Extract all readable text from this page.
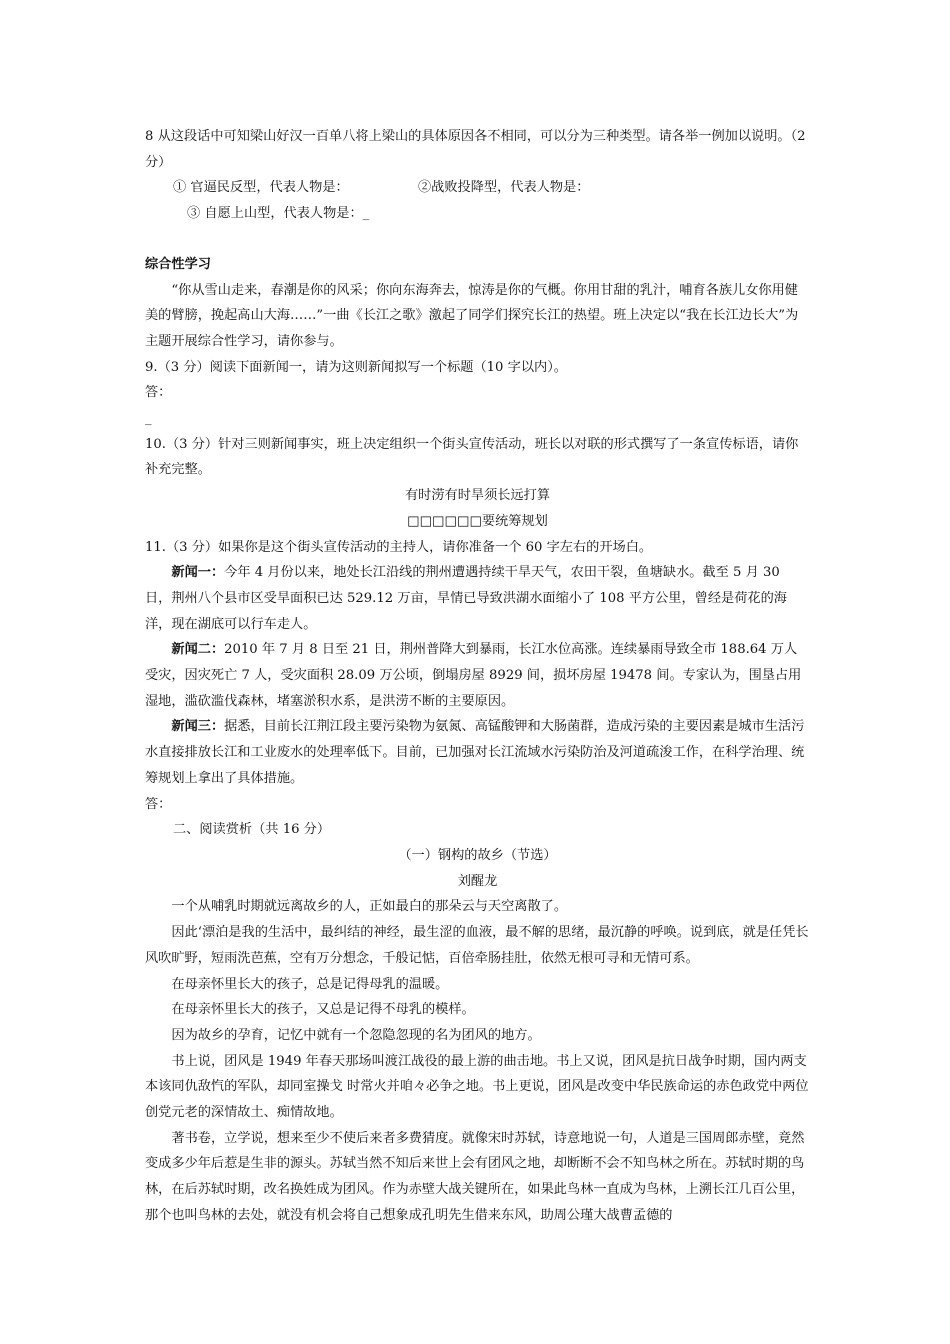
8 从这段话中可知梁山好汉一百单八将上梁山的具体原因各不相同，可以分为三种类型。请各举一例加以说明。（2 分）

① 官逼民反型，代表人物是：	②战败投降型，代表人物是：

③ 自愿上山型，代表人物是：_

综合性学习

“你从雪山走来，春潮是你的风采；你向东海奔去，惊涛是你的气概。你用甘甜的乳汁，哺育各族儿女你用健美的臂膀，挽起高山大海……”一曲《长江之歌》激起了同学们探究长江的热望。班上决定以“我在长江边长大”为主题开展综合性学习，请你参与。

9.（3 分）阅读下面新闻一，请为这则新闻拟写一个标题（10 字以内）。

答：

_

10.（3 分）针对三则新闻事实，班上决定组织一个街头宣传活动，班长以对联的形式撰写了一条宣传标语，请你补充完整。

有时涝有时旱须长远打算

□□□□□□要统筹规划

11.（3 分）如果你是这个街头宣传活动的主持人，请你准备一个 60 字左右的开场白。

新闻一：今年 4 月份以来，地处长江沿线的荆州遭遇持续干旱天气，农田干裂，鱼塘缺水。截至 5 月 30 日，荆州八个县市区受旱面积已达 529.12 万亩，旱情已导致洪湖水面缩小了 108 平方公里，曾经是荷花的海洋，现在湖底可以行车走人。

新闻二：2010 年 7 月 8 日至 21 日，荆州普降大到暴雨，长江水位高涨。连续暴雨导致全市 188.64 万人受灾，因灾死亡 7 人，受灾面积 28.09 万公顷，倒塌房屋 8929 间，损坏房屋 19478 间。专家认为，围垦占用湿地，滥砍滥伐森林，堵塞淤积水系，是洪涝不断的主要原因。

新闻三：据悉，目前长江荆江段主要污染物为氨氮、高锰酸钾和大肠菌群，造成污染的主要因素是城市生活污水直接排放长江和工业废水的处理率低下。目前，已加强对长江流域水污染防治及河道疏浚工作，在科学治理、统筹规划上拿出了具体措施。

答：

二、阅读赏析（共 16 分）

（一）钢构的故乡（节选）

刘醒龙

一个从哺乳时期就远离故乡的人，正如最白的那朵云与天空离散了。

因此‘漂泊是我的生活中，最纠结的神经，最生涩的血液，最不解的思绪，最沉静的呼唤。说到底，就是任凭长风吹旷野，短雨洗芭蕉，空有万分想念，千般记惦，百倍牵肠挂肚，依然无根可寻和无情可系。

在母亲怀里长大的孩子，总是记得母乳的温暖。

在母亲怀里长大的孩子，又总是记得不母乳的模样。

因为故乡的孕育，记忆中就有一个忽隐忽现的名为团风的地方。

书上说，团风是 1949 年春天那场叫渡江战役的最上游的曲击地。书上又说，团风是抗日战争时期，国内两支本该同仇敌忾的军队，却同室操戈 时常火并咱々必争之地。书上更说，团风是改变中华民族命运的赤色政党中两位创党元老的深情故土、痴情故地。

著书卷，立学说，想来至少不使后来者多费猜度。就像宋时苏轼，诗意地说一句，人道是三国周郎赤壁，竟然变成多少年后惹是生非的源头。苏轼当然不知后来世上会有团风之地，却断断不会不知鸟林之所在。苏轼时期的鸟林，在后苏轼时期，改名换姓成为团风。作为赤壁大战关键所在，如果此鸟林一直成为鸟林，上溯长江几百公里，那个也叫鸟林的去处，就没有机会将自己想象成孔明先生借来东风，助周公瑾大战曹孟德的
